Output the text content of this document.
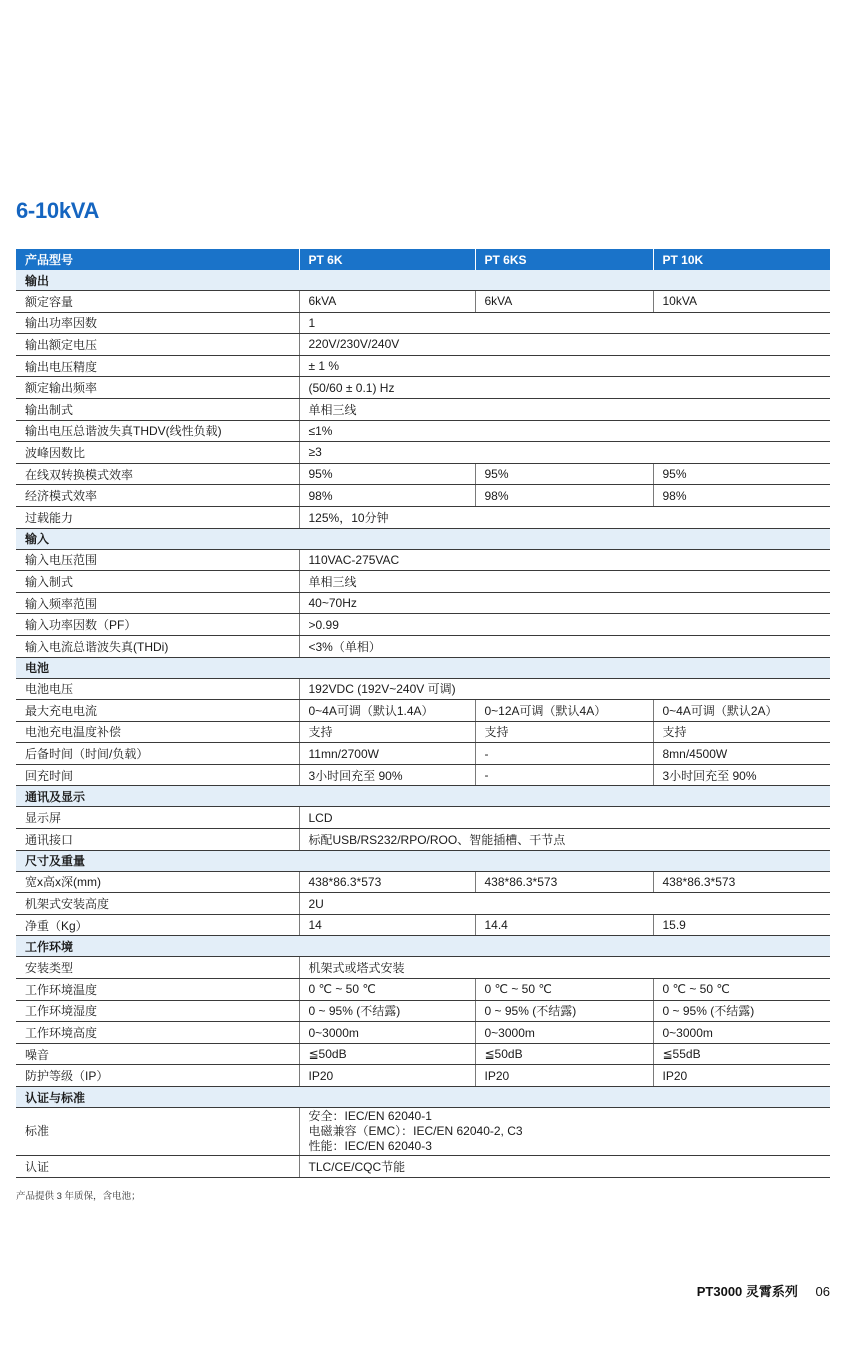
6-10kVA
产品型号	PT 6K	PT 6KS	PT 10K
输出			
额定容量	6kVA	6kVA	10kVA
输出功率因数	1		
输出额定电压	220V/230V/240V		
输出电压精度	± 1 %		
额定输出频率	(50/60 ± 0.1) Hz		
输出制式	单相三线		
输出电压总谐波失真THDV(线性负载)	≤1%		
波峰因数比	≥3		
在线双转换模式效率	95%	95%	95%
经济模式效率	98%	98%	98%
过载能力	125%，10分钟		
输入			
输入电压范围	110VAC-275VAC		
输入制式	单相三线		
输入频率范围	40~70Hz		
输入功率因数（PF）	>0.99		
输入电流总谐波失真(THDi)	<3%（单相）		
电池			
电池电压	192VDC (192V~240V 可调)		
最大充电电流	0~4A可调（默认1.4A）	0~12A可调（默认4A）	0~4A可调（默认2A）
电池充电温度补偿	支持	支持	支持
后备时间（时间/负载）	11mn/2700W	-	8mn/4500W
回充时间	3小时回充至 90%	-	3小时回充至 90%
通讯及显示			
显示屏	LCD		
通讯接口	标配USB/RS232/RPO/ROO、智能插槽、干节点		
尺寸及重量			
宽x高x深(mm)	438*86.3*573	438*86.3*573	438*86.3*573
机架式安装高度	2U		
净重（Kg）	14	14.4	15.9
工作环境			
安装类型	机架式或塔式安装		
工作环境温度	0 ℃ ~ 50 ℃	0 ℃ ~ 50 ℃	0 ℃ ~ 50 ℃
工作环境湿度	0 ~ 95% (不结露)	0 ~ 95% (不结露)	0 ~ 95% (不结露)
工作环境高度	0~3000m	0~3000m	0~3000m
噪音	≦50dB	≦50dB	≦55dB
防护等级（IP）	IP20	IP20	IP20
认证与标准			
标准	安全：IEC/EN 62040-1
电磁兼容（EMC）：IEC/EN 62040-2, C3
性能：IEC/EN 62040-3		
认证	TLC/CE/CQC节能		
产品提供 3 年质保，含电池；
PT3000 灵霄系列 06
